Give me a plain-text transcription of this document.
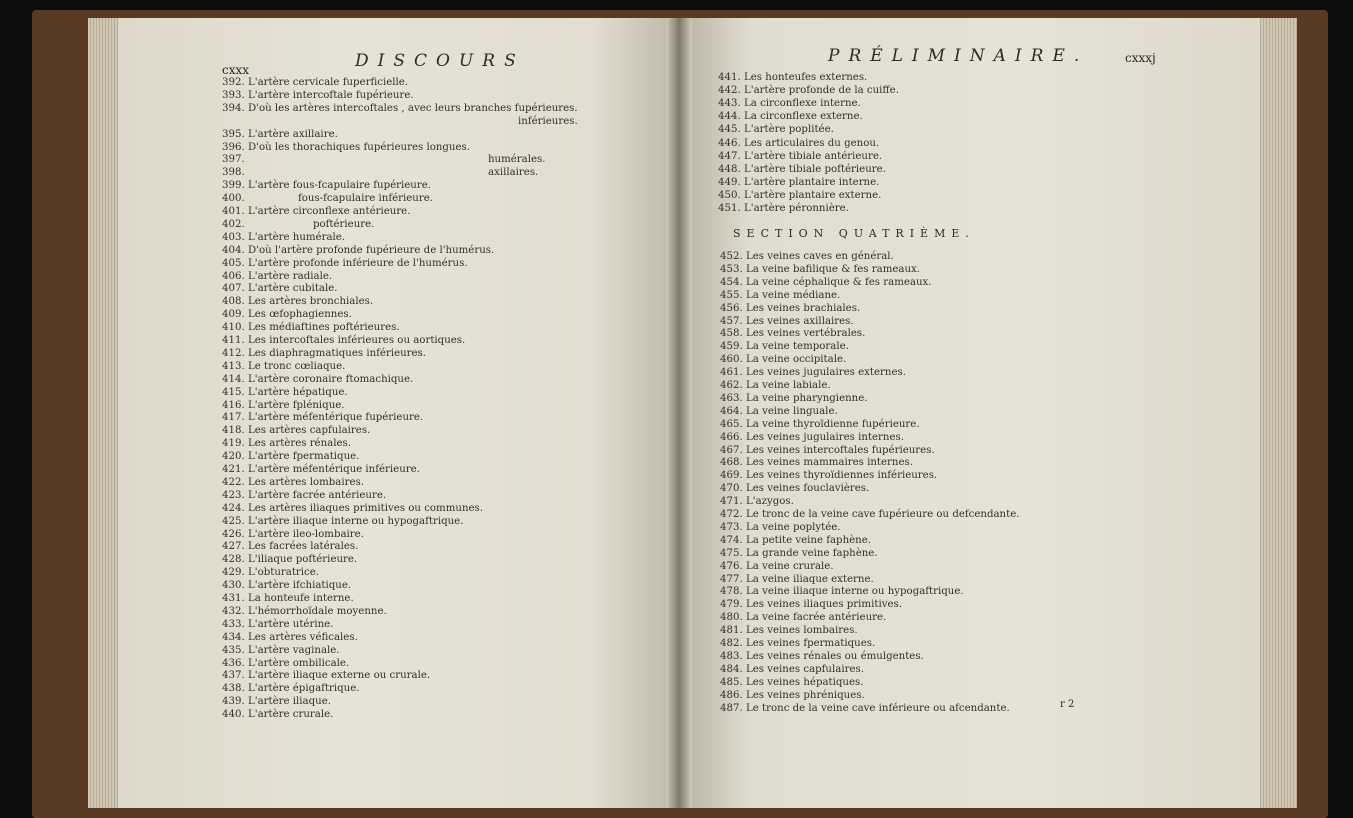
cxxx	DISCOURS	PRÉLIMINAIRE.	cxxxj
392. L'artère cervicale fuperficielle.
393. L'artère intercoftale fupérieure.
394. D'où les artères intercoftales , avec leurs branches fupérieures.
inférieures.
395. L'artère axillaire.
396. D'où les thorachiques fupérieures longues.
397.	humérales.
398.	axillaires.
399. L'artère fous-fcapulaire fupérieure.
400.	fous-fcapulaire inférieure.
401. L'artère circonflexe antérieure.
402.	poftérieure.
403. L'artère humérale.
404. D'où l'artère profonde fupérieure de l'humérus.
405. L'artère profonde inférieure de l'humérus.
406. L'artère radiale.
407. L'artère cubitale.
408. Les artères bronchiales.
409. Les œfophagiennes.
410. Les médiaftines poftérieures.
411. Les intercoftales inférieures ou aortiques.
412. Les diaphragmatiques inférieures.
413. Le tronc cœliaque.
414. L'artère coronaire ftomachique.
415. L'artère hépatique.
416. L'artère fplénique.
417. L'artère méfentérique fupérieure.
418. Les artères capfulaires.
419. Les artères rénales.
420. L'artère fpermatique.
421. L'artère méfentérique inférieure.
422. Les artères lombaires.
423. L'artère facrée antérieure.
424. Les artères iliaques primitives ou communes.
425. L'artère iliaque interne ou hypogaftrique.
426. L'artère ileo-lombaire.
427. Les facrées latérales.
428. L'iliaque poftérieure.
429. L'obturatrice.
430. L'artère ifchiatique.
431. La honteufe interne.
432. L'hémorrhoïdale moyenne.
433. L'artère utérine.
434. Les artères véficales.
435. L'artère vaginale.
436. L'artère ombilicale.
437. L'artère iliaque externe ou crurale.
438. L'artère épigaftrique.
439. L'artère iliaque.
440. L'artère crurale.
441. Les honteufes externes.
442. L'artère profonde de la cuiffe.
443. La circonflexe interne.
444. La circonflexe externe.
445. L'artère poplitée.
446. Les articulaires du genou.
447. L'artère tibiale antérieure.
448. L'artère tibiale poftérieure.
449. L'artère plantaire interne.
450. L'artère plantaire externe.
451. L'artère péronnière.
SECTION QUATRIÈME.
452. Les veines caves en général.
453. La veine bafilique & fes rameaux.
454. La veine céphalique & fes rameaux.
455. La veine médiane.
456. Les veines brachiales.
457. Les veines axillaires.
458. Les veines vertébrales.
459. La veine temporale.
460. La veine occipitale.
461. Les veines jugulaires externes.
462. La veine labiale.
463. La veine pharyngienne.
464. La veine linguale.
465. La veine thyroïdienne fupérieure.
466. Les veines jugulaires internes.
467. Les veines intercoftales fupérieures.
468. Les veines mammaires internes.
469. Les veines thyroïdiennes inférieures.
470. Les veines fouclavières.
471. L'azygos.
472. Le tronc de la veine cave fupérieure ou defcendante.
473. La veine poplytée.
474. La petite veine faphène.
475. La grande veine faphène.
476. La veine crurale.
477. La veine iliaque externe.
478. La veine iliaque interne ou hypogaftrique.
479. Les veines iliaques primitives.
480. La veine facrée antérieure.
481. Les veines lombaires.
482. Les veines fpermatiques.
483. Les veines rénales ou émulgentes.
484. Les veines capfulaires.
485. Les veines hépatiques.
486. Les veines phréniques.
487. Le tronc de la veine cave inférieure ou afcendante.	r 2
